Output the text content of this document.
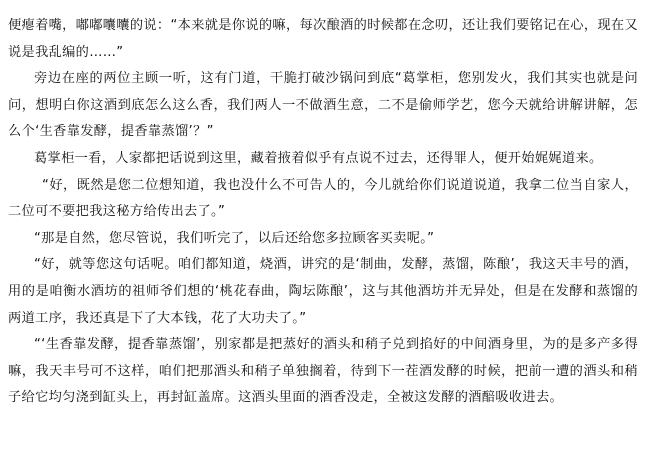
便瘪着嘴，嘟嘟囔囔的说：“本来就是你说的嘛，每次酿酒的时候都在念叨，还让我们要铭记在心，现在又说是我乱编的……”

旁边在座的两位主顾一听，这有门道，干脆打破沙锅问到底“葛掌柜，您别发火，我们其实也就是问问，想明白你这酒到底怎么这么香，我们两人一不做酒生意，二不是偷师学艺，您今天就给讲解讲解，怎么个‘生香靠发酵，提香靠蒸馏’？”

葛掌柜一看，人家都把话说到这里，藏着掖着似乎有点说不过去，还得罪人，便开始娓娓道来。

“好，既然是您二位想知道，我也没什么不可告人的，今儿就给你们说道说道，我拿二位当自家人，二位可不要把我这秘方给传出去了。”

“那是自然，您尽管说，我们听完了，以后还给您多拉顾客买卖呢。”

“好，就等您这句话呢。咱们都知道，烧酒，讲究的是‘制曲，发酵，蒸馏，陈酿’，我这天丰号的酒，用的是咱衡水酒坊的祖师爷们想的‘桃花春曲，陶坛陈酿’，这与其他酒坊并无异处，但是在发酵和蒸馏的两道工序，我还真是下了大本钱，花了大功夫了。”

“‘生香靠发酵，提香靠蒸馏’，别家都是把蒸好的酒头和稍子兑到掐好的中间酒身里，为的是多产多得嘛，我天丰号可不这样，咱们把那酒头和稍子单独搁着，待到下一茬酒发酵的时候，把前一遭的酒头和稍子给它均匀浇到缸头上，再封缸盖席。这酒头里面的酒香没走，全被这发酵的酒醅吸收进去。
